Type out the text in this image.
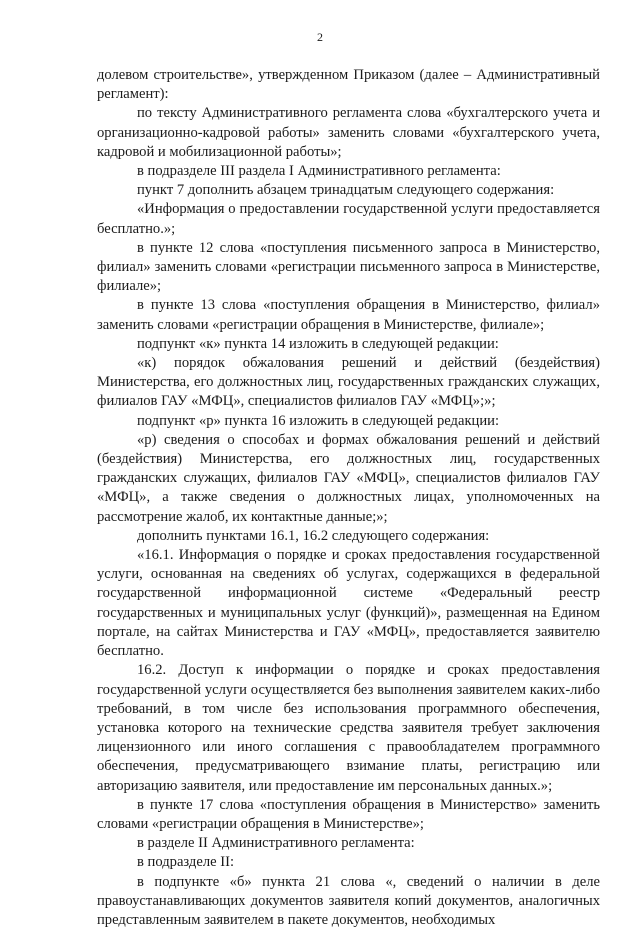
2

долевом строительстве», утвержденном Приказом (далее – Административный регламент):

по тексту Административного регламента слова «бухгалтерского учета и организационно-кадровой работы» заменить словами «бухгалтерского учета, кадровой и мобилизационной работы»;

в подразделе III раздела I Административного регламента:

пункт 7 дополнить абзацем тринадцатым следующего содержания:

«Информация о предоставлении государственной услуги предоставляется бесплатно.»;

в пункте 12 слова «поступления письменного запроса в Министерство, филиал» заменить словами «регистрации письменного запроса в Министерстве, филиале»;

в пункте 13 слова «поступления обращения в Министерство, филиал» заменить словами «регистрации обращения в Министерстве, филиале»;

подпункт «к» пункта 14 изложить в следующей редакции:

«к) порядок обжалования решений и действий (бездействия) Министерства, его должностных лиц, государственных гражданских служащих, филиалов ГАУ «МФЦ», специалистов филиалов ГАУ «МФЦ»;»;

подпункт «р» пункта 16 изложить в следующей редакции:

«р) сведения о способах и формах обжалования решений и действий (бездействия) Министерства, его должностных лиц, государственных гражданских служащих, филиалов ГАУ «МФЦ», специалистов филиалов ГАУ «МФЦ», а также сведения о должностных лицах, уполномоченных на рассмотрение жалоб, их контактные данные;»;

дополнить пунктами 16.1, 16.2 следующего содержания:

«16.1. Информация о порядке и сроках предоставления государственной услуги, основанная на сведениях об услугах, содержащихся в федеральной государственной информационной системе «Федеральный реестр государственных и муниципальных услуг (функций)», размещенная на Едином портале, на сайтах Министерства и ГАУ «МФЦ», предоставляется заявителю бесплатно.

16.2. Доступ к информации о порядке и сроках предоставления государственной услуги осуществляется без выполнения заявителем каких-либо требований, в том числе без использования программного обеспечения, установка которого на технические средства заявителя требует заключения лицензионного или иного соглашения с правообладателем программного обеспечения, предусматривающего взимание платы, регистрацию или авторизацию заявителя, или предоставление им персональных данных.»;

в пункте 17 слова «поступления обращения в Министерство» заменить словами «регистрации обращения в Министерстве»;

в разделе II Административного регламента:

в подразделе II:

в подпункте «б» пункта 21 слова «, сведений о наличии в деле правоустанавливающих документов заявителя копий документов, аналогичных представленным заявителем в пакете документов, необходимых
